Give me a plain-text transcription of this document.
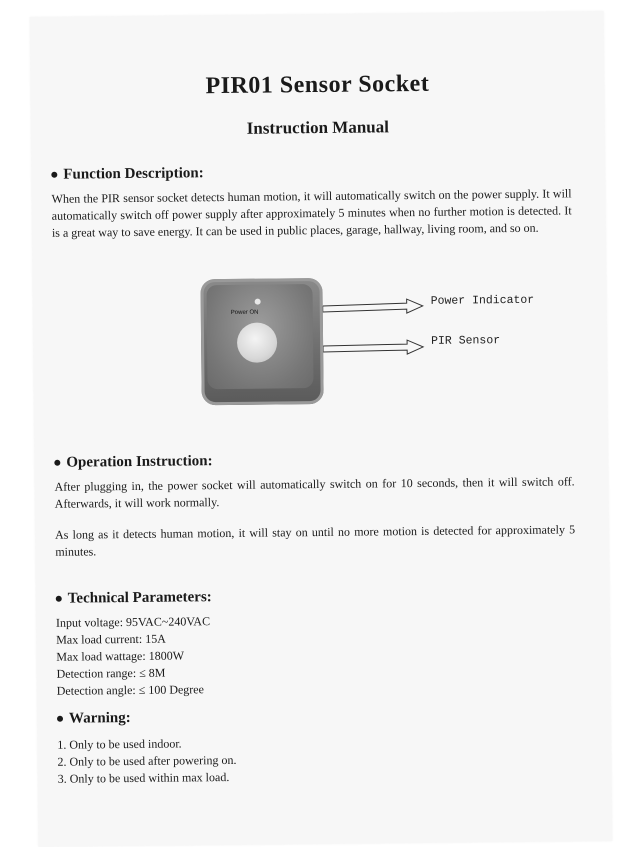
PIR01 Sensor Socket
Instruction Manual
Function Description:
When the PIR sensor socket detects human motion, it will automatically switch on the power supply. It will automatically switch off power supply after approximately 5 minutes when no further motion is detected. It is a great way to save energy. It can be used in public places, garage, hallway, living room, and so on.
Power ON
Power Indicator
PIR Sensor
Operation Instruction:
After plugging in, the power socket will automatically switch on for 10 seconds, then it will switch off.    Afterwards, it will work normally.
As long as it detects human motion, it will stay on until no more motion is detected for approximately 5 minutes.
Technical Parameters:
Input voltage: 95VAC~240VAC
Max load current: 15A
Max load wattage: 1800W
Detection range: ≤ 8M
Detection angle: ≤ 100 Degree
Warning:
1. Only to be used indoor.
2. Only to be used after powering on.
3. Only to be used within max load.
